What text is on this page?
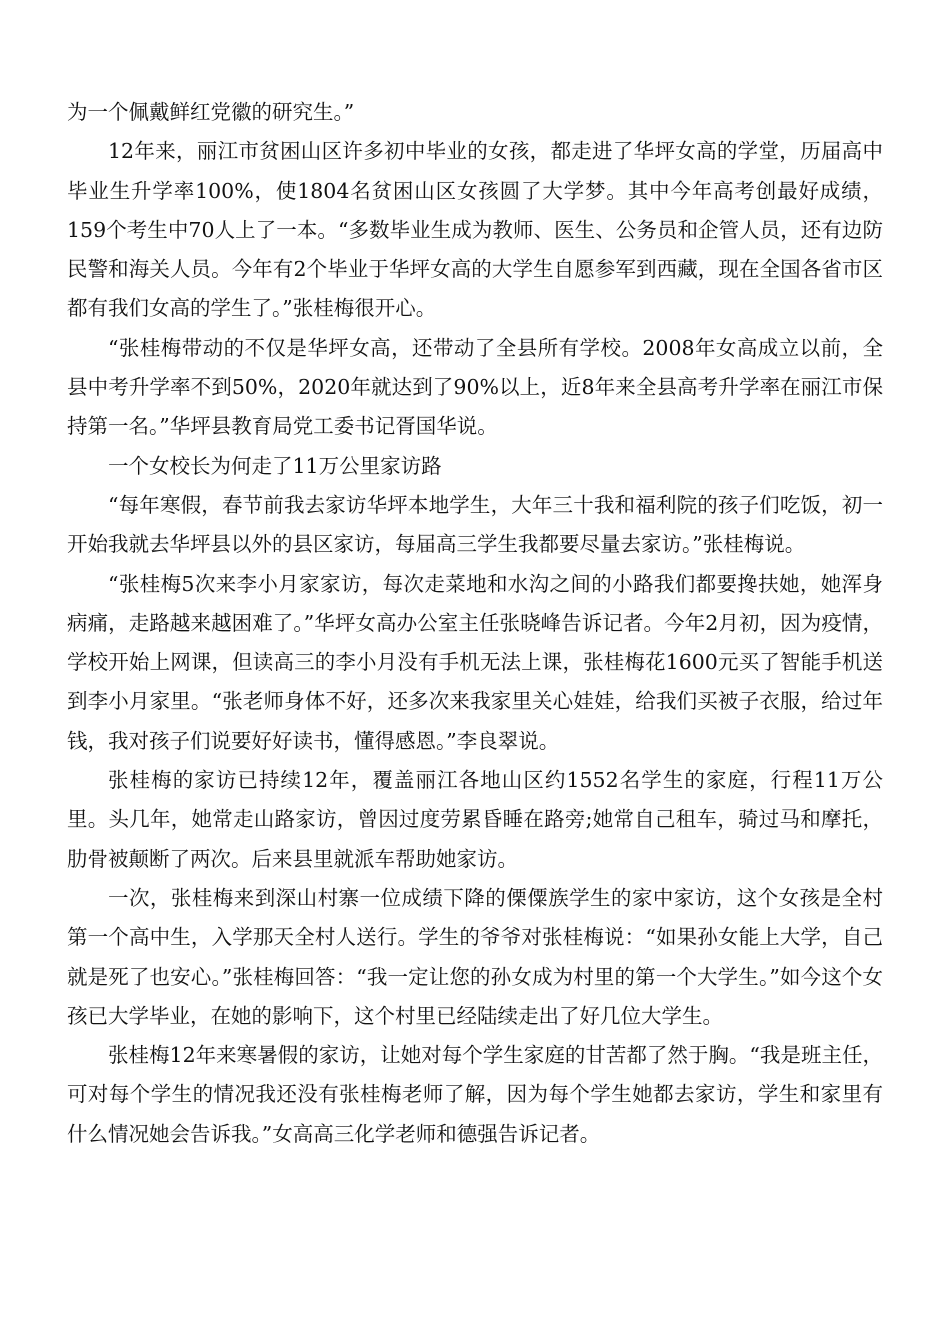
为一个佩戴鲜红党徽的研究生。”

12年来，丽江市贫困山区许多初中毕业的女孩，都走进了华坪女高的学堂，历届高中毕业生升学率100%，使1804名贫困山区女孩圆了大学梦。其中今年高考创最好成绩，159个考生中70人上了一本。“多数毕业生成为教师、医生、公务员和企管人员，还有边防民警和海关人员。今年有2个毕业于华坪女高的大学生自愿参军到西藏，现在全国各省市区都有我们女高的学生了。”张桂梅很开心。

“张桂梅带动的不仅是华坪女高，还带动了全县所有学校。2008年女高成立以前，全县中考升学率不到50%，2020年就达到了90%以上，近8年来全县高考升学率在丽江市保持第一名。”华坪县教育局党工委书记胥国华说。

一个女校长为何走了11万公里家访路

“每年寒假，春节前我去家访华坪本地学生，大年三十我和福利院的孩子们吃饭，初一开始我就去华坪县以外的县区家访，每届高三学生我都要尽量去家访。”张桂梅说。

“张桂梅5次来李小月家家访，每次走菜地和水沟之间的小路我们都要搀扶她，她浑身病痛，走路越来越困难了。”华坪女高办公室主任张晓峰告诉记者。今年2月初，因为疫情，学校开始上网课，但读高三的李小月没有手机无法上课，张桂梅花1600元买了智能手机送到李小月家里。“张老师身体不好，还多次来我家里关心娃娃，给我们买被子衣服，给过年钱，我对孩子们说要好好读书，懂得感恩。”李良翠说。

张桂梅的家访已持续12年，覆盖丽江各地山区约1552名学生的家庭，行程11万公里。头几年，她常走山路家访，曾因过度劳累昏睡在路旁;她常自己租车，骑过马和摩托，肋骨被颠断了两次。后来县里就派车帮助她家访。

一次，张桂梅来到深山村寨一位成绩下降的傈僳族学生的家中家访，这个女孩是全村第一个高中生，入学那天全村人送行。学生的爷爷对张桂梅说：“如果孙女能上大学，自己就是死了也安心。”张桂梅回答：“我一定让您的孙女成为村里的第一个大学生。”如今这个女孩已大学毕业，在她的影响下，这个村里已经陆续走出了好几位大学生。

张桂梅12年来寒暑假的家访，让她对每个学生家庭的甘苦都了然于胸。“我是班主任，可对每个学生的情况我还没有张桂梅老师了解，因为每个学生她都去家访，学生和家里有什么情况她会告诉我。”女高高三化学老师和德强告诉记者。
